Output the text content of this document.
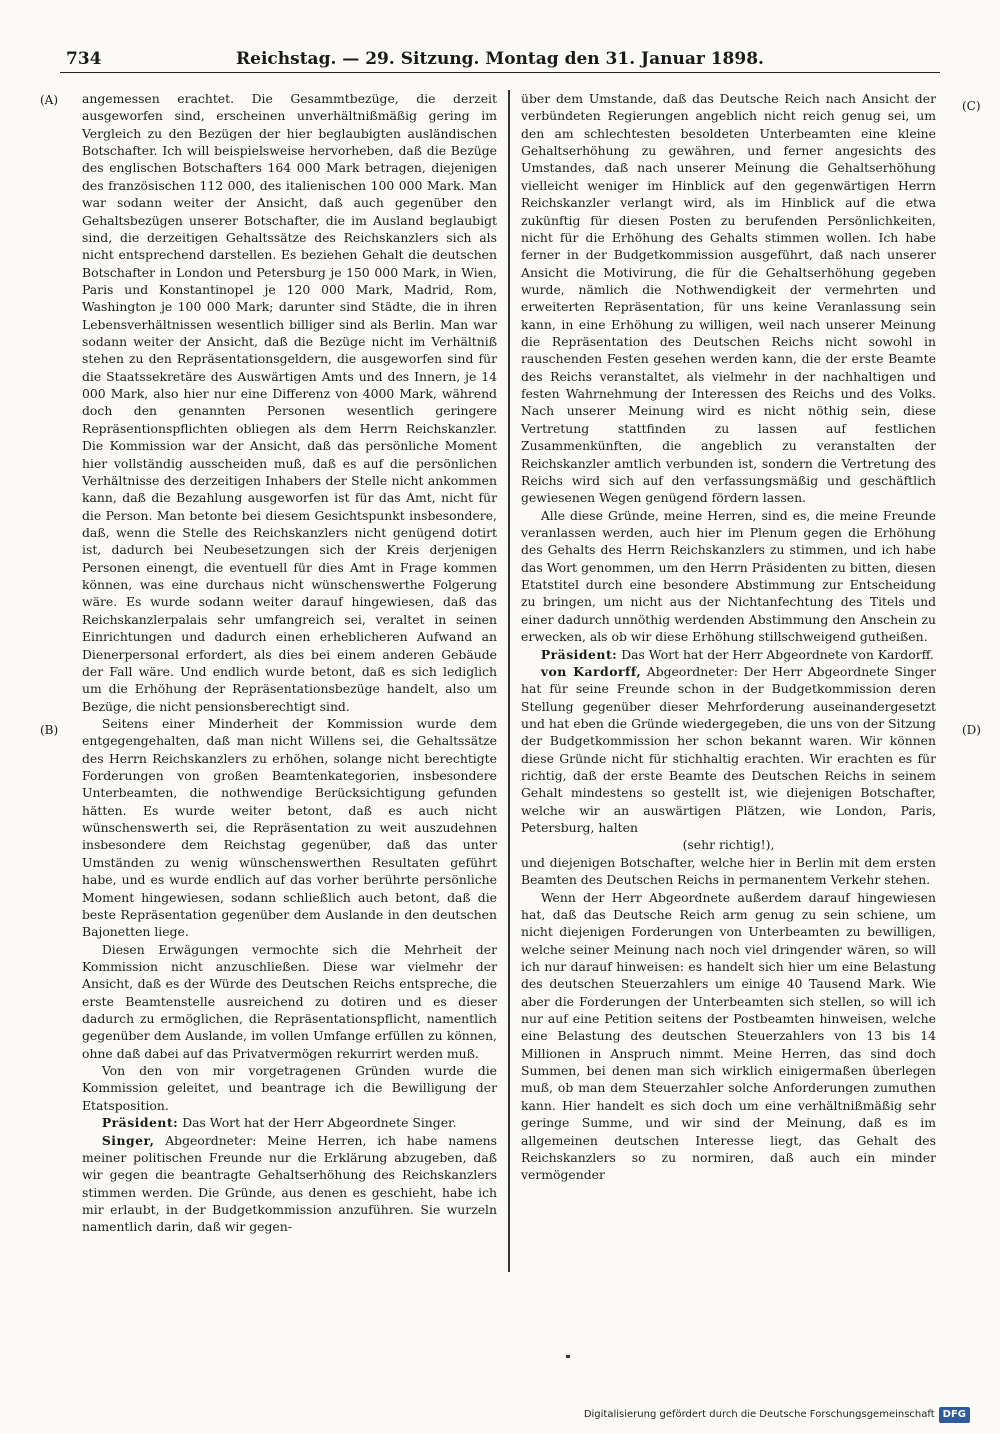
734	Reichstag. — 29. Sitzung. Montag den 31. Januar 1898.
(A)
(B)
(C)
(D)

angemessen erachtet. Die Gesammtbezüge, die derzeit ausgeworfen sind, erscheinen unverhältnißmäßig gering im Vergleich zu den Bezügen der hier beglaubigten ausländischen Botschafter. Ich will beispielsweise hervorheben, daß die Bezüge des englischen Botschafters 164 000 Mark betragen, diejenigen des französischen 112 000, des italienischen 100 000 Mark. Man war sodann weiter der Ansicht, daß auch gegenüber den Gehaltsbezügen unserer Botschafter, die im Ausland beglaubigt sind, die derzeitigen Gehaltssätze des Reichskanzlers sich als nicht entsprechend darstellen. Es beziehen Gehalt die deutschen Botschafter in London und Petersburg je 150 000 Mark, in Wien, Paris und Konstantinopel je 120 000 Mark, Madrid, Rom, Washington je 100 000 Mark; darunter sind Städte, die in ihren Lebensverhältnissen wesentlich billiger sind als Berlin. Man war sodann weiter der Ansicht, daß die Bezüge nicht im Verhältniß stehen zu den Repräsentationsgeldern, die ausgeworfen sind für die Staatssekretäre des Auswärtigen Amts und des Innern, je 14 000 Mark, also hier nur eine Differenz von 4000 Mark, während doch den genannten Personen wesentlich geringere Repräsentionspflichten obliegen als dem Herrn Reichskanzler. Die Kommission war der Ansicht, daß das persönliche Moment hier vollständig ausscheiden muß, daß es auf die persönlichen Verhältnisse des derzeitigen Inhabers der Stelle nicht ankommen kann, daß die Bezahlung ausgeworfen ist für das Amt, nicht für die Person. Man betonte bei diesem Gesichtspunkt insbesondere, daß, wenn die Stelle des Reichskanzlers nicht genügend dotirt ist, dadurch bei Neubesetzungen sich der Kreis derjenigen Personen einengt, die eventuell für dies Amt in Frage kommen können, was eine durchaus nicht wünschenswerthe Folgerung wäre. Es wurde sodann weiter darauf hingewiesen, daß das Reichskanzlerpalais sehr umfangreich sei, veraltet in seinen Einrichtungen und dadurch einen erheblicheren Aufwand an Dienerpersonal erfordert, als dies bei einem anderen Gebäude der Fall wäre. Und endlich wurde betont, daß es sich lediglich um die Erhöhung der Repräsentationsbezüge handelt, also um Bezüge, die nicht pensionsberechtigt sind.

Seitens einer Minderheit der Kommission wurde dem entgegengehalten, daß man nicht Willens sei, die Gehaltssätze des Herrn Reichskanzlers zu erhöhen, solange nicht berechtigte Forderungen von großen Beamtenkategorien, insbesondere Unterbeamten, die nothwendige Berücksichtigung gefunden hätten. Es wurde weiter betont, daß es auch nicht wünschenswerth sei, die Repräsentation zu weit auszudehnen insbesondere dem Reichstag gegenüber, daß das unter Umständen zu wenig wünschenswerthen Resultaten geführt habe, und es wurde endlich auf das vorher berührte persönliche Moment hingewiesen, sodann schließlich auch betont, daß die beste Repräsentation gegenüber dem Auslande in den deutschen Bajonetten liege.

Diesen Erwägungen vermochte sich die Mehrheit der Kommission nicht anzuschließen. Diese war vielmehr der Ansicht, daß es der Würde des Deutschen Reichs entspreche, die erste Beamtenstelle ausreichend zu dotiren und es dieser dadurch zu ermöglichen, die Repräsentationspflicht, namentlich gegenüber dem Auslande, im vollen Umfange erfüllen zu können, ohne daß dabei auf das Privatvermögen rekurrirt werden muß.

Von den von mir vorgetragenen Gründen wurde die Kommission geleitet, und beantrage ich die Bewilligung der Etatsposition.

Präsident: Das Wort hat der Herr Abgeordnete Singer.

Singer, Abgeordneter: Meine Herren, ich habe namens meiner politischen Freunde nur die Erklärung abzugeben, daß wir gegen die beantragte Gehaltserhöhung des Reichskanzlers stimmen werden. Die Gründe, aus denen es geschieht, habe ich mir erlaubt, in der Budgetkommission anzuführen. Sie wurzeln namentlich darin, daß wir gegen-

über dem Umstande, daß das Deutsche Reich nach Ansicht der verbündeten Regierungen angeblich nicht reich genug sei, um den am schlechtesten besoldeten Unterbeamten eine kleine Gehaltserhöhung zu gewähren, und ferner angesichts des Umstandes, daß nach unserer Meinung die Gehaltserhöhung vielleicht weniger im Hinblick auf den gegenwärtigen Herrn Reichskanzler verlangt wird, als im Hinblick auf die etwa zukünftig für diesen Posten zu berufenden Persönlichkeiten, nicht für die Erhöhung des Gehalts stimmen wollen. Ich habe ferner in der Budgetkommission ausgeführt, daß nach unserer Ansicht die Motivirung, die für die Gehaltserhöhung gegeben wurde, nämlich die Nothwendigkeit der vermehrten und erweiterten Repräsentation, für uns keine Veranlassung sein kann, in eine Erhöhung zu willigen, weil nach unserer Meinung die Repräsentation des Deutschen Reichs nicht sowohl in rauschenden Festen gesehen werden kann, die der erste Beamte des Reichs veranstaltet, als vielmehr in der nachhaltigen und festen Wahrnehmung der Interessen des Reichs und des Volks. Nach unserer Meinung wird es nicht nöthig sein, diese Vertretung stattfinden zu lassen auf festlichen Zusammenkünften, die angeblich zu veranstalten der Reichskanzler amtlich verbunden ist, sondern die Vertretung des Reichs wird sich auf den verfassungsmäßig und geschäftlich gewiesenen Wegen genügend fördern lassen.

Alle diese Gründe, meine Herren, sind es, die meine Freunde veranlassen werden, auch hier im Plenum gegen die Erhöhung des Gehalts des Herrn Reichskanzlers zu stimmen, und ich habe das Wort genommen, um den Herrn Präsidenten zu bitten, diesen Etatstitel durch eine besondere Abstimmung zur Entscheidung zu bringen, um nicht aus der Nichtanfechtung des Titels und einer dadurch unnöthig werdenden Abstimmung den Anschein zu erwecken, als ob wir diese Erhöhung stillschweigend gutheißen.

Präsident: Das Wort hat der Herr Abgeordnete von Kardorff.

von Kardorff, Abgeordneter: Der Herr Abgeordnete Singer hat für seine Freunde schon in der Budgetkommission deren Stellung gegenüber dieser Mehrforderung auseinandergesetzt und hat eben die Gründe wiedergegeben, die uns von der Sitzung der Budgetkommission her schon bekannt waren. Wir können diese Gründe nicht für stichhaltig erachten. Wir erachten es für richtig, daß der erste Beamte des Deutschen Reichs in seinem Gehalt mindestens so gestellt ist, wie diejenigen Botschafter, welche wir an auswärtigen Plätzen, wie London, Paris, Petersburg, halten

(sehr richtig!),

und diejenigen Botschafter, welche hier in Berlin mit dem ersten Beamten des Deutschen Reichs in permanentem Verkehr stehen.

Wenn der Herr Abgeordnete außerdem darauf hingewiesen hat, daß das Deutsche Reich arm genug zu sein schiene, um nicht diejenigen Forderungen von Unterbeamten zu bewilligen, welche seiner Meinung nach noch viel dringender wären, so will ich nur darauf hinweisen: es handelt sich hier um eine Belastung des deutschen Steuerzahlers um einige 40 Tausend Mark. Wie aber die Forderungen der Unterbeamten sich stellen, so will ich nur auf eine Petition seitens der Postbeamten hinweisen, welche eine Belastung des deutschen Steuerzahlers von 13 bis 14 Millionen in Anspruch nimmt. Meine Herren, das sind doch Summen, bei denen man sich wirklich einigermaßen überlegen muß, ob man dem Steuerzahler solche Anforderungen zumuthen kann. Hier handelt es sich doch um eine verhältnißmäßig sehr geringe Summe, und wir sind der Meinung, daß es im allgemeinen deutschen Interesse liegt, das Gehalt des Reichskanzlers so zu normiren, daß auch ein minder vermögender

Digitalisierung gefördert durch die Deutsche Forschungsgemeinschaft DFG
